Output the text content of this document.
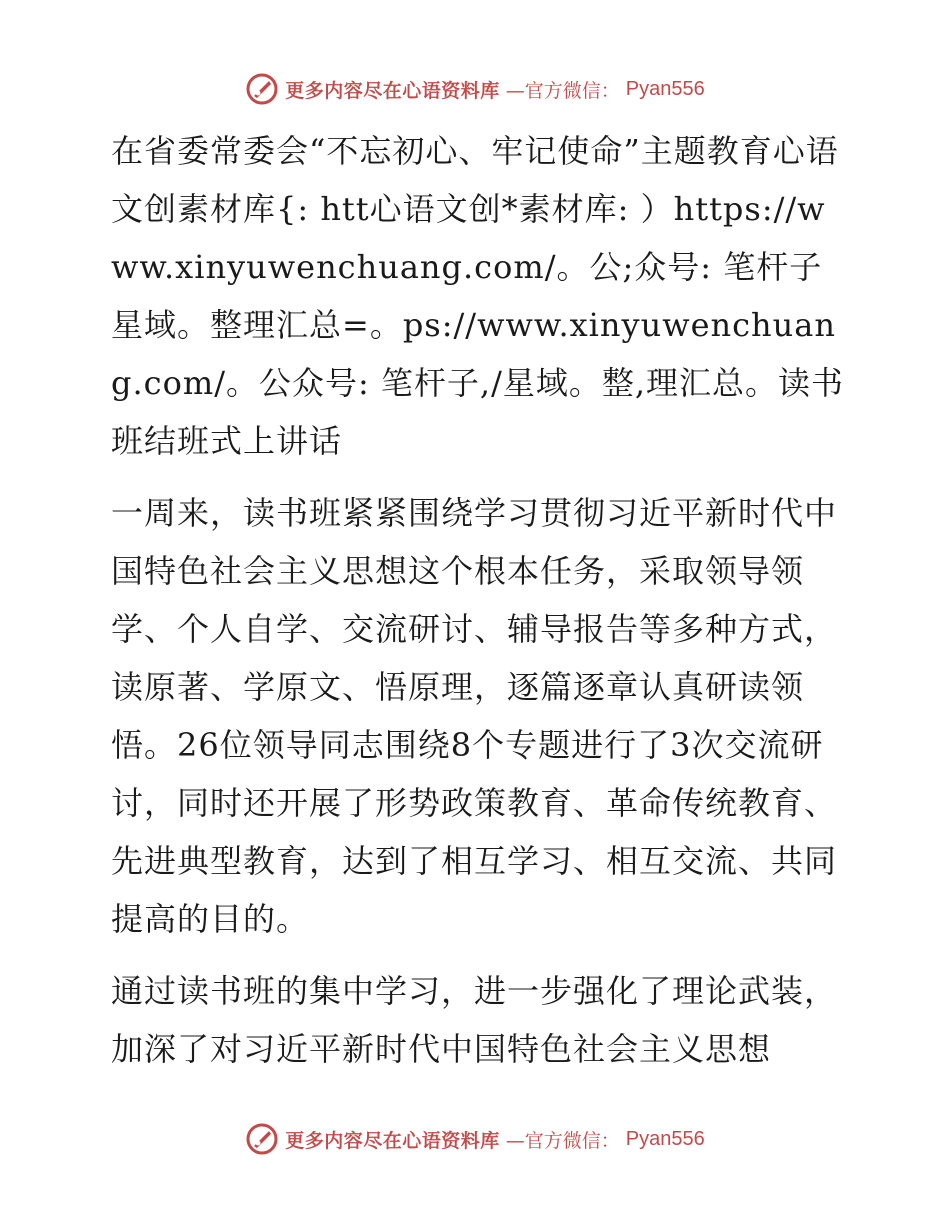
更多内容尽在心语资料库 —官方微信： Pyan556

在省委常委会“不忘初心、牢记使命”主题教育心语文创素材库{: htt心语文创*素材库: ）https://www.xinyuwenchuang.com/。公;众号: 笔杆子星域。整理汇总=。ps://www.xinyuwenchuang.com/。公众号: 笔杆子,/星域。整,理汇总。读书班结班式上讲话

一周来，读书班紧紧围绕学习贯彻习近平新时代中国特色社会主义思想这个根本任务，采取领导领学、个人自学、交流研讨、辅导报告等多种方式，读原著、学原文、悟原理，逐篇逐章认真研读领悟。26位领导同志围绕8个专题进行了3次交流研讨，同时还开展了形势政策教育、革命传统教育、先进典型教育，达到了相互学习、相互交流、共同提高的目的。

通过读书班的集中学习，进一步强化了理论武装，加深了对习近平新时代中国特色社会主义思想

更多内容尽在心语资料库 —官方微信： Pyan556
